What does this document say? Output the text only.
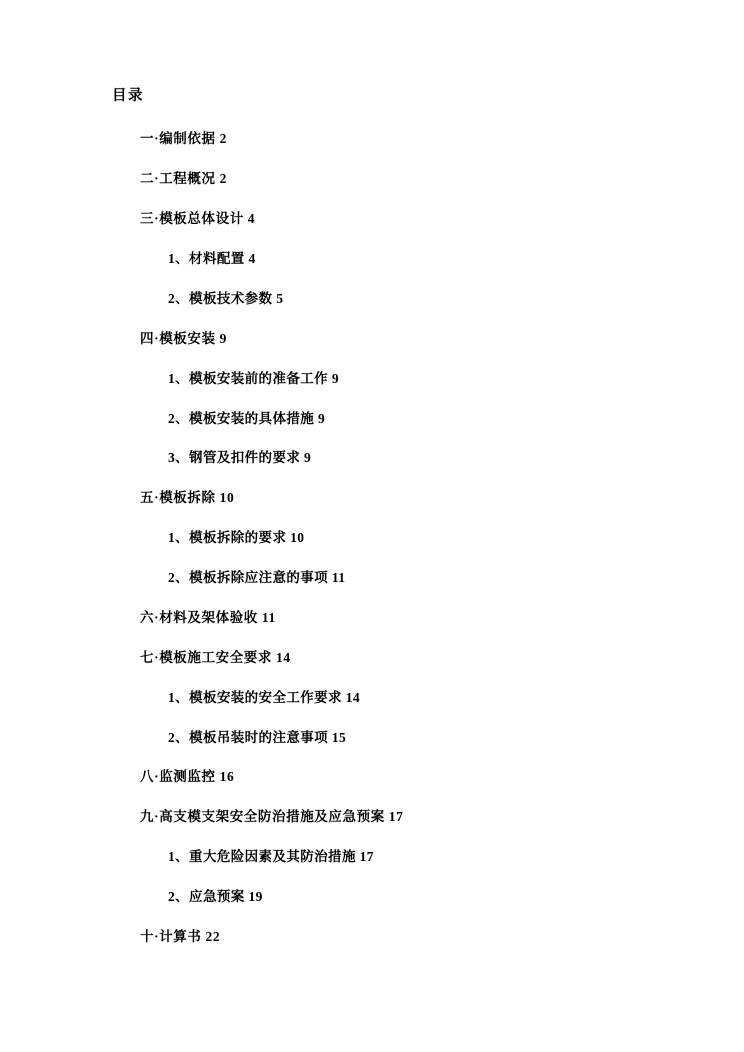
目录
一·编制依据 2
二·工程概况 2
三·模板总体设计 4
1、材料配置 4
2、模板技术参数 5
四·模板安装 9
1、模板安装前的准备工作 9
2、模板安装的具体措施 9
3、钢管及扣件的要求 9
五·模板拆除 10
1、模板拆除的要求 10
2、模板拆除应注意的事项 11
六·材料及架体验收 11
七·模板施工安全要求 14
1、模板安装的安全工作要求 14
2、模板吊装时的注意事项 15
八·监测监控 16
九·高支模支架安全防治措施及应急预案 17
1、重大危险因素及其防治措施 17
2、应急预案 19
十·计算书 22
